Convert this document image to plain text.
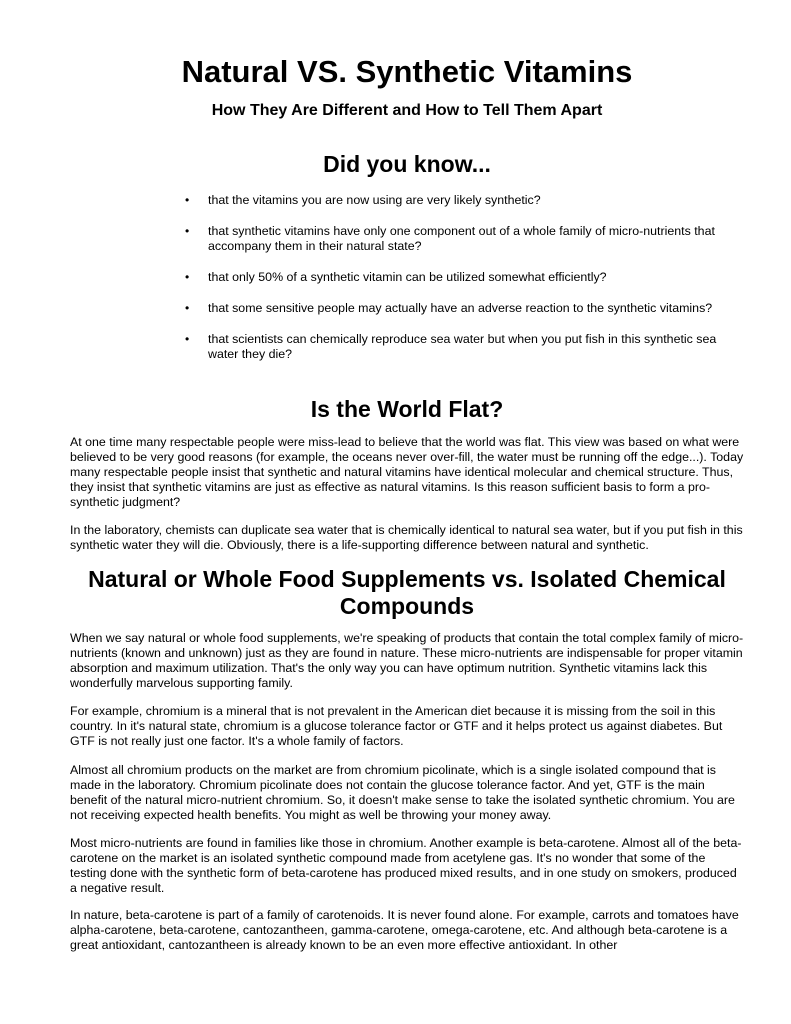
Natural VS. Synthetic Vitamins
How They Are Different and How to Tell Them Apart
Did you know...
• that the vitamins you are now using are very likely synthetic?
• that synthetic vitamins have only one component out of a whole family of micro-nutrients that accompany them in their natural state?
• that only 50% of a synthetic vitamin can be utilized somewhat efficiently?
• that some sensitive people may actually have an adverse reaction to the synthetic vitamins?
• that scientists can chemically reproduce sea water but when you put fish in this synthetic sea water they die?
Is the World Flat?

At one time many respectable people were miss-lead to believe that the world was flat. This view was based on what were believed to be very good reasons (for example, the oceans never over-fill, the water must be running off the edge...). Today many respectable people insist that synthetic and natural vitamins have identical molecular and chemical structure. Thus, they insist that synthetic vitamins are just as effective as natural vitamins. Is this reason sufficient basis to form a pro-synthetic judgment?

In the laboratory, chemists can duplicate sea water that is chemically identical to natural sea water, but if you put fish in this synthetic water they will die. Obviously, there is a life-supporting difference between natural and synthetic.

Natural or Whole Food Supplements vs. Isolated Chemical Compounds

When we say natural or whole food supplements, we're speaking of products that contain the total complex family of micro-nutrients (known and unknown) just as they are found in nature. These micro-nutrients are indispensable for proper vitamin absorption and maximum utilization. That's the only way you can have optimum nutrition. Synthetic vitamins lack this wonderfully marvelous supporting family.

For example, chromium is a mineral that is not prevalent in the American diet because it is missing from the soil in this country. In it's natural state, chromium is a glucose tolerance factor or GTF and it helps protect us against diabetes. But GTF is not really just one factor. It's a whole family of factors.

Almost all chromium products on the market are from chromium picolinate, which is a single isolated compound that is made in the laboratory. Chromium picolinate does not contain the glucose tolerance factor. And yet, GTF is the main benefit of the natural micro-nutrient chromium. So, it doesn't make sense to take the isolated synthetic chromium. You are not receiving expected health benefits. You might as well be throwing your money away.

Most micro-nutrients are found in families like those in chromium. Another example is beta-carotene. Almost all of the beta-carotene on the market is an isolated synthetic compound made from acetylene gas. It's no wonder that some of the testing done with the synthetic form of beta-carotene has produced mixed results, and in one study on smokers, produced a negative result.

In nature, beta-carotene is part of a family of carotenoids. It is never found alone. For example, carrots and tomatoes have alpha-carotene, beta-carotene, cantozantheen, gamma-carotene, omega-carotene, etc. And although beta-carotene is a great antioxidant, cantozantheen is already known to be an even more effective antioxidant. In other
